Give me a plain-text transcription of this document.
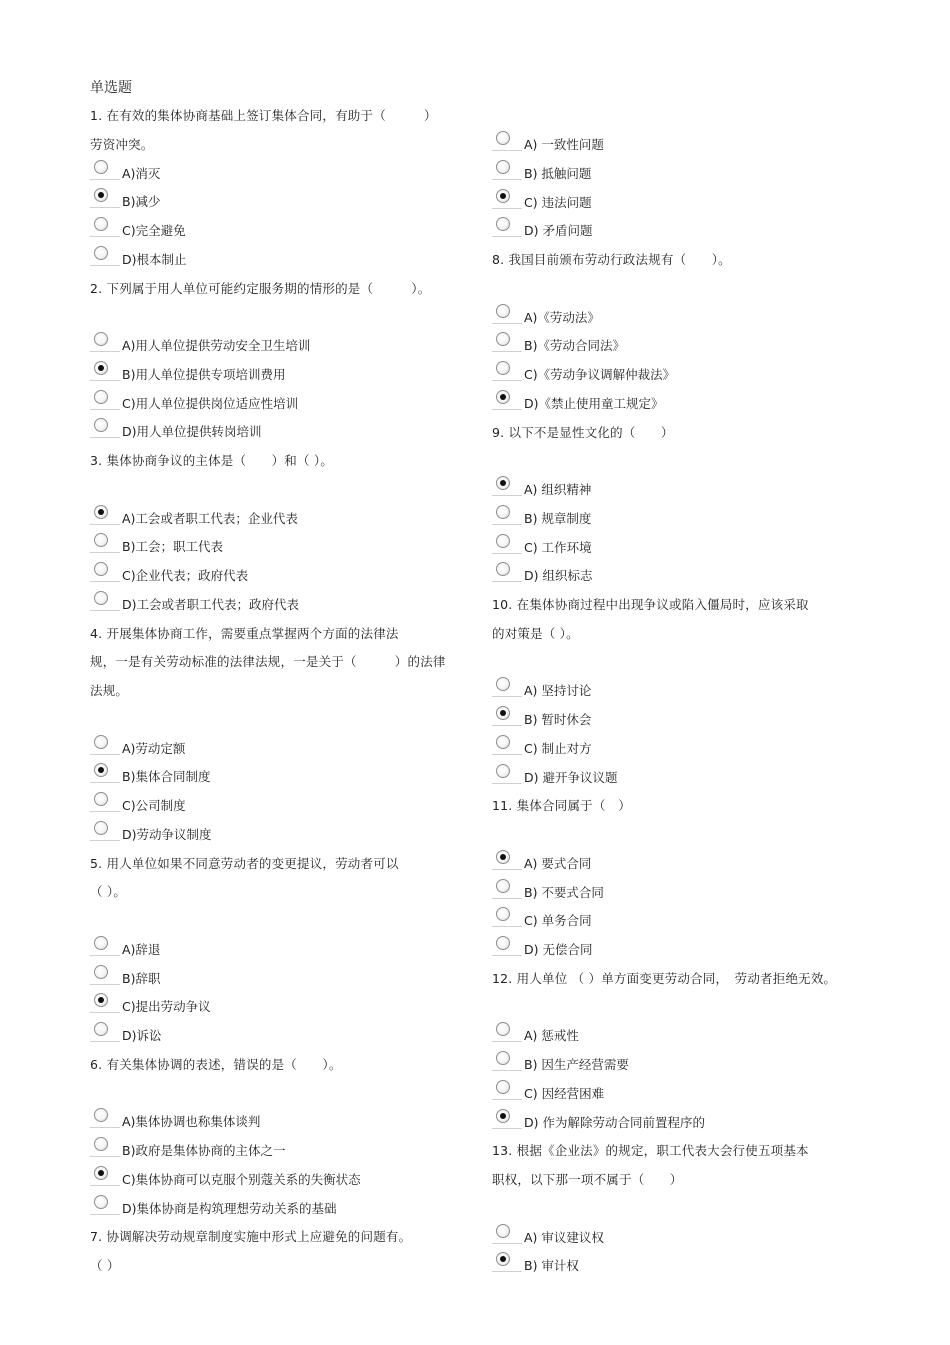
单选题
1. 在有效的集体协商基础上签订集体合同，有助于（　　　）
劳资冲突。
A)消灭
B)减少
C)完全避免
D)根本制止
2. 下列属于用人单位可能约定服务期的情形的是（　　　）。
A)用人单位提供劳动安全卫生培训
B)用人单位提供专项培训费用
C)用人单位提供岗位适应性培训
D)用人单位提供转岗培训
3. 集体协商争议的主体是（　　）和（ ）。
A)工会或者职工代表；企业代表
B)工会；职工代表
C)企业代表；政府代表
D)工会或者职工代表；政府代表
4. 开展集体协商工作，需要重点掌握两个方面的法律法
规，一是有关劳动标准的法律法规，一是关于（　　　）的法律
法规。
A)劳动定额
B)集体合同制度
C)公司制度
D)劳动争议制度
5. 用人单位如果不同意劳动者的变更提议，劳动者可以
（ ）。
A)辞退
B)辞职
C)提出劳动争议
D)诉讼
6. 有关集体协调的表述，错误的是（　　）。
A)集体协调也称集体谈判
B)政府是集体协商的主体之一
C)集体协商可以克服个别蔻关系的失衡状态
D)集体协商是构筑理想劳动关系的基础
7. 协调解决劳动规章制度实施中形式上应避免的问题有。
（ ）
A) 一致性问题
B) 抵触问题
C) 违法问题
D) 矛盾问题
8. 我国目前颁布劳动行政法规有（　　）。
A)《劳动法》
B)《劳动合同法》
C)《劳动争议调解仲裁法》
D)《禁止使用童工规定》
9. 以下不是显性文化的（　　）
A) 组织精神
B) 规章制度
C) 工作环境
D) 组织标志
10. 在集体协商过程中出现争议或陷入僵局时，应该采取
的对策是（ ）。
A) 坚持讨论
B) 暂时休会
C) 制止对方
D) 避开争议议题
11. 集体合同属于（　）
A) 要式合同
B) 不要式合同
C) 单务合同
D) 无偿合同
12. 用人单位 （ ）单方面变更劳动合同，　劳动者拒绝无效。
A) 惩戒性
B) 因生产经营需要
C) 因经营困难
D) 作为解除劳动合同前置程序的
13. 根据《企业法》的规定，职工代表大会行使五项基本
职权，以下那一项不属于（　　）
A) 审议建议权
B) 审计权
